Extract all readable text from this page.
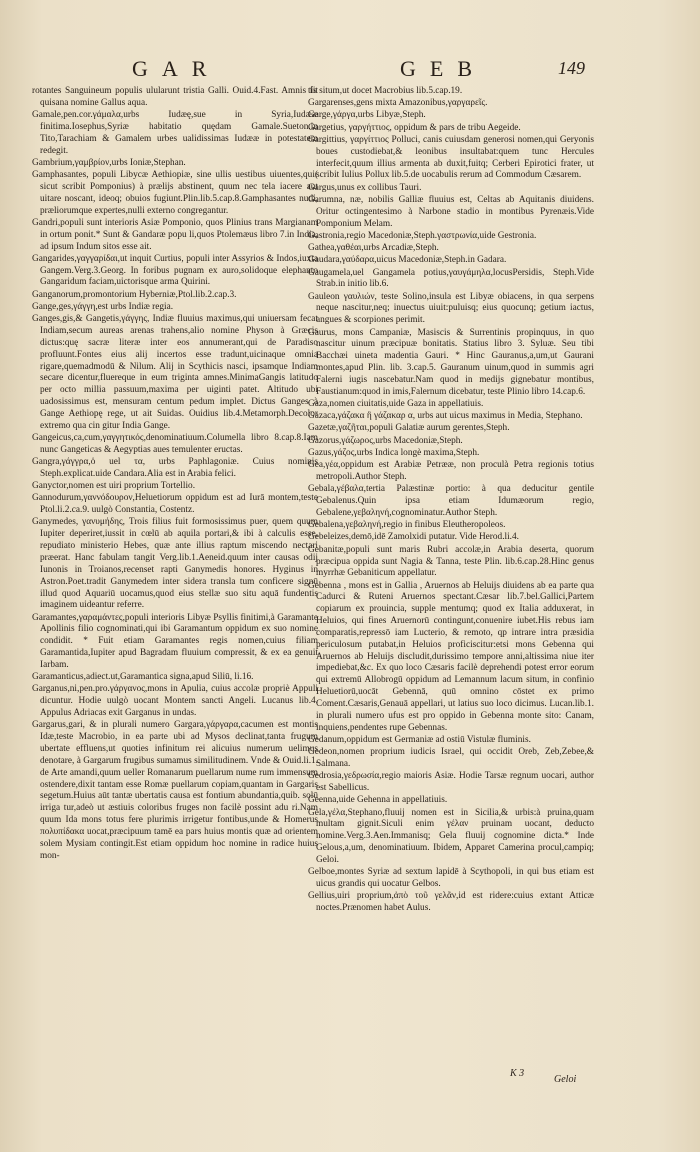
GAR	GEB	149

rotantes Sanguineum populis ulularunt tristia Galli. Ouid.4.Fast. Amnis fit quisana nomine Gallus aqua.

Gamale,pen.cor.γάμαλα,urbs Iudæę,sue in Syria,Iudææ finitima.Iosephus,Syriæ habitatio quędam Gamale.Sueton.in Tito,Tarachiam & Gamalem urbes ualidissimas Iudææ in potestatem redegit.

Gambrium,γαμβρίον,urbs Ioniæ,Stephan.

Gamphasantes, populi Libycæ Aethiopiæ, sine ullis uestibus uiuentes,qui( sicut scribit Pomponius) à prælijs abstinent, quum nec tela iacere aut uitare noscant, ideoq; obuios fugiunt.Plin.lib.5.cap.8.Gamphasantes nudi, præliorumque expertes,nulli externo congregantur.

Gandri,populi sunt interioris Asiæ Pomponio, quos Plinius trans Margianam in ortum ponit.* Sunt & Gandaræ popu li,quos Ptolemæus libro 7.in India, ad ipsum Indum sitos esse ait.

Gangarides,γαγγαρίδαι,ut inquit Curtius, populi inter Assyrios & Indos,iuxta Gangem.Verg.3.Georg. In foribus pugnam ex auro,solidoque elephanto Gangaridum faciam,uictorisque arma Quirini.

Ganganorum,promontorium Hyberniæ,Ptol.lib.2.cap.3.

Gange,ges,γάγγη,est urbs Indiæ regia.

Ganges,gis,& Gangetis,γάγγης, Indiæ fluuius maximus,qui uniuersam fecat Indiam,secum aureas arenas trahens,alio nomine Physon à Græcis dictus:quę sacræ literæ inter eos annumerant,qui de Paradiso profluunt.Fontes eius alij incertos esse tradunt,uicinaque omnia rigare,quemadmodū & Nilum. Alij in Scythicis nasci, ipsamque Indiam secare dicentur,fluereque in eum triginta amnes.MinimaGangis latitudo per octo millia passuum,maxima per uiginti patet. Altitudo ubi uadosissimus est, mensuram centum pedum implet. Dictus Ganges à Gange Aethiopę rege, ut ait Suidas. Ouidius lib.4.Metamorph.Decolor extremo qua cin gitur India Gange.

Gangeicus,ca,cum,γαγγητικός,denominatiuum.Columella libro 8.cap.8.Iam nunc Gangeticas & Aegyptias aues temulenter eructas.

Gangra,γάγγρα,ὁ uel τα, urbs Paphlagoniæ. Cuius nominis Steph.explicat.uide Candara.Alia est in Arabia felici.

Ganyctor,nomen est uiri proprium Tortellio.

Gannodurum,γαννόδουρον,Heluetiorum oppidum est ad Iurā montem,teste Ptol.li.2.ca.9. uulgò Constantia, Costentz.

Ganymedes, γανυμήδης, Trois filius fuit formosissimus puer, quem quum Iupiter deperiret,iussit in cœlū ab aquila portari,& ibi à calculis esse, repudiato ministerio Hebes, quæ ante illius raptum miscendo nectari præerat. Hanc fabulam tangit Verg.lib.1.Aeneid.quum inter causas odij Iunonis in Troianos,recenset rapti Ganymedis honores. Hyginus in Astron.Poet.tradit Ganymedem inter sidera transla tum conficere signū illud quod Aquariū uocamus,quod eius stellæ suo situ aquā fundentis imaginem uideantur referre.

Garamantes,γαραμάντες,populi interioris Libyæ Psyllis finitimi,à Garamante Apollinis filio cognominati,qui ibi Garamantum oppidum ex suo nomine condidit. * Fuit etiam Garamantes regis nomen,cuius filiam Garamantida,Iupiter apud Bagradam fluuium compressit, & ex ea genuit Iarbam.

Garamanticus,adiect.ut,Garamantica signa,apud Siliū, li.16.

Garganus,ni,pen.pro.γάργανος,mons in Apulia, cuius accolæ propriè Appuli dicuntur. Hodie uulgò uocant Montem sancti Angeli. Lucanus lib.4. Appulus Adriacas exit Garganus in undas.

Gargarus,gari, & in plurali numero Gargara,γάργαρα,cacumen est montis Idæ,teste Macrobio, in ea parte ubi ad Mysos declinat,tanta frugum ubertate effluens,ut quoties infinitum rei alicuius numerum uelimus denotare, à Gargarum frugibus sumamus similitudinem. Vnde & Ouid.li.1. de Arte amandi,quum ueller Romanarum puellarum nume rum immensum ostendere,dixit tantam esse Romæ puellarum copiam,quantam in Gargaris segetum.Huius aūt tantæ ubertatis causa est fontium abundantia,quib. solū irriga tur,adeò ut æstiuis coloribus fruges non facilè possint adu ri.Nam quum Ida mons totus fere plurimis irrigetur fontibus,unde & Homerus πολυπίδακα uocat,præcipuum tamē ea pars huius montis quæ ad orientem solem Mysiam contingit.Est etiam oppidum hoc nomine in radice huius mon-

tis situm,ut docet Macrobius lib.5.cap.19.

Gargarenses,gens mixta Amazonibus,γαργαρεῖς.

Garge,γάργα,urbs Libyæ,Steph.

Gargetius, γαργήττιος, oppidum & pars de tribu Aegeide.

Gargittius, γαργίττιος Polluci, canis cuiusdam generosi nomen,qui Geryonis boues custodiebat,& leonibus insultabat:quem tunc Hercules interfecit,quum illius armenta ab duxit,fuitq; Cerberi Epirotici frater, ut scribit Iulius Pollux lib.5.de uocabulis rerum ad Commodum Cæsarem.

Gargus,unus ex collibus Tauri.

Garumna, næ, nobilis Galliæ fluuius est, Celtas ab Aquitanis diuidens. Oritur octingentesimo à Narbone stadio in montibus Pyrenæis.Vide Pomponium Melam.

Gastronia,regio Macedoniæ,Steph.γαστρωνία,uide Gestronia.

Gathea,γαθέαι,urbs Arcadiæ,Steph.

Gaudara,γαύδαρα,uicus Macedoniæ,Steph.in Gadara.

Gaugamela,uel Gangamela potius,γαυγάμηλα,locusPersidis, Steph.Vide Strab.in initio lib.6.

Gauleon γαυλιών, teste Solino,insula est Libyæ obiacens, in qua serpens neque nascitur,neq; inuectus uiuit:puluisq; eius quocunq; getium iactus, angues & scorpiones perimit.

Gaurus, mons Campaniæ, Masiscis & Surrentinis propinquus, in quo nascitur uinum præcipuæ bonitatis. Statius libro 3. Syluæ. Seu tibi Bacchæi uineta madentia Gauri. * Hinc Gauranus,a,um,ut Gaurani montes,apud Plin. lib. 3.cap.5. Gauranum uinum,quod in summis agri Falerni iugis nascebatur.Nam quod in medijs gignebatur montibus, Faustianum:quod in imis,Falernum dicebatur, teste Plinio libro 14.cap.6.

Gaza,nomen ciuitatis,uide Gaza in appellatiuis.

Gazaca,γάζακα ἢ γάζακαρ α, urbs aut uicus maximus in Media, Stephano.

Gazetæ,γαζῆται,populi Galatiæ aurum gerentes,Steph.

Gazorus,γάζωρος,urbs Macedoniæ,Steph.

Gazus,γάζος,urbs Indica longè maxima,Steph.

Gea,γέα,oppidum est Arabiæ Petrææ, non proculà Petra regionis totius metropoli.Author Steph.

Gebala,γέβαλα,tertia Palæstinæ portio: à qua deducitur gentile Gebalenus.Quin ipsa etiam Idumæorum regio, Gebalene,γεβαληνή,cognominatur.Author Steph.

Gebalena,γεβαληνή,regio in finibus Eleutheropoleos.

Gebeleizes,demō,idē Zamolxidi putatur. Vide Herod.li.4.

Gebanitæ,populi sunt maris Rubri accolæ,in Arabia deserta, quorum præcipua oppida sunt Nagia & Tanna, teste Plin. lib.6.cap.28.Hinc genus myrrhæ Gebaniticum appellatur.

Gebenna , mons est in Gallia , Aruernos ab Heluijs diuidens ab ea parte qua Cadurci & Ruteni Aruernos spectant.Cæsar lib.7.bel.Gallici,Partem copiarum ex prouincia, supple mentumq; quod ex Italia adduxerat, in Heluios, qui fines Aruernorū contingunt,conuenire iubet.His rebus iam comparatis,repressō iam Lucterio, & remoto, qp intrare intra præsidia periculosum putabat,in Heluios proficiscitur:etsi mons Gebenna qui Aruernos ab Heluijs discludit,durissimo tempore anni,altissima niue iter impediebat,&c. Ex quo loco Cæsaris facilè deprehendi potest error eorum qui extremū Allobrogū oppidum ad Lemannum lacum situm, in confinio Heluetiorū,uocāt Gebennā, quū omnino cōstet ex primo Coment.Cæsaris,Genauā appellari, ut latius suo loco dicimus. Lucan.lib.1. in plurali numero ufus est pro oppido in Gebenna monte sito: Canam, inquiens,pendentes rupe Gebennas.

Gedanum,oppidum est Germaniæ ad ostiū Vistulæ fluminis.

Gedeon,nomen proprium iudicis Israel, qui occidit Oreb, Zeb,Zebee,& Salmana.

Gedrosia,γεδρωσία,regio maioris Asiæ. Hodie Tarsæ regnum uocari, author est Sabellicus.

Geenna,uide Gehenna in appellatiuis.

Gela,γέλα,Stephano,fluuij nomen est in Sicilia,& urbis:à pruina,quam multam gignit.Siculi enim γέλαν pruinam uocant, deducto nomine.Verg.3.Aen.Immanisq; Gela fluuij cognomine dicta.* Inde Gelous,a,um, denominatiuum. Ibidem, Apparet Camerina procul,campiq; Geloi.

Gelboe,montes Syriæ ad sextum lapidē à Scythopoli, in qui bus etiam est uicus grandis qui uocatur Gelbos.

Gellius,uiri proprium,ἀπὸ τοῦ γελᾶν,id est ridere:cuius extant Atticæ noctes.Prænomen habet Aulus.

K 3
Geloi
